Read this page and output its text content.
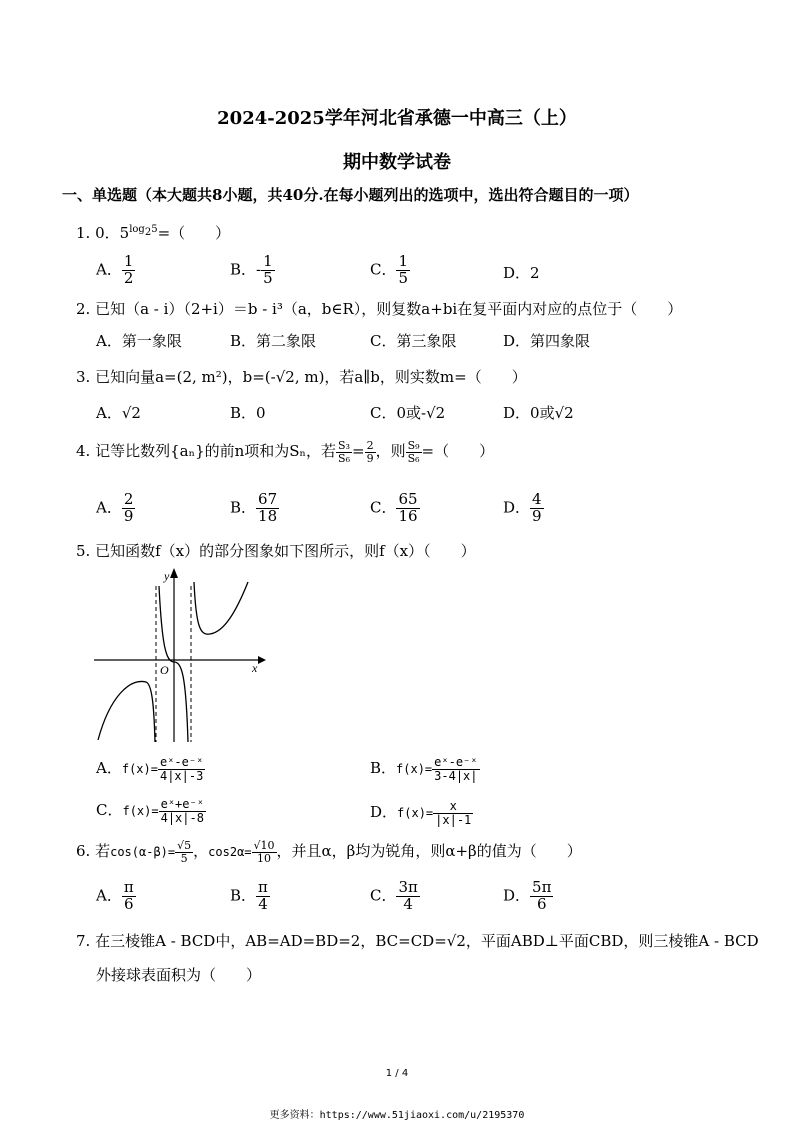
2024-2025学年河北省承德一中高三（上）
期中数学试卷
一、单选题（本大题共8小题，共40分.在每小题列出的选项中，选出符合题目的一项）
1. 0．$5^{log25}=$（　　）
A． $\frac{1}{2}$	B．- $\frac{1}{5}$	C． $\frac{1}{5}$	D．2
2. 已知（a - i）（2+i）＝b - i³（a，b∈R），则复数a+bi在复平面内对应的点位于（　　）
A．第一象限	B．第二象限	C．第三象限	D．第四象限
3. 已知向量a=(2, m²)，b=(-√2, m)，若a∥b，则实数m=（　　）
A．√2	B．0	C．0或-√2	D．0或√2
4. 记等比数列{aₙ}的前n项和为Sₙ，若 $\frac{\text{S₃}}{\text{S₆}} = \frac{2}{9}$ ，则 $\frac{\text{S₉}}{\text{S₆}}$ =（　　）
A． $\frac{2}{9}$	B． $\frac{67}{18}$	C． $\frac{65}{16}$	D． $\frac{4}{9}$
5. 已知函数f（x）的部分图象如下图所示，则f（x）（　　）
y
x
O
A．$f(x)= \frac{\text{eˣ-e⁻ˣ}}{4|x|-3}$	B．$f(x)= \frac{\text{eˣ-e⁻ˣ}}{3-4|x|}$
C．$f(x)= \frac{\text{eˣ+e⁻ˣ}}{4|x|-8}$	D．$f(x)= \frac{x}{|x|-1}$
6. 若$\cos(\alpha-\beta)= \frac{√5}{5}$ ，$\cos 2\alpha= \frac{√10}{10}$ ，并且α，β均为锐角，则α+β的值为（　　）
A． $\frac{\pi}{6}$	B． $\frac{\pi}{4}$	C． $\frac{3\pi}{4}$	D． $\frac{5\pi}{6}$
7. 在三棱锥A - BCD中，AB=AD=BD=2，BC=CD=√2，平面ABD⊥平面CBD，则三棱锥A - BCD
外接球表面积为（　　）
1 / 4
更多资料：https://www.51jiaoxi.com/u/2195370
